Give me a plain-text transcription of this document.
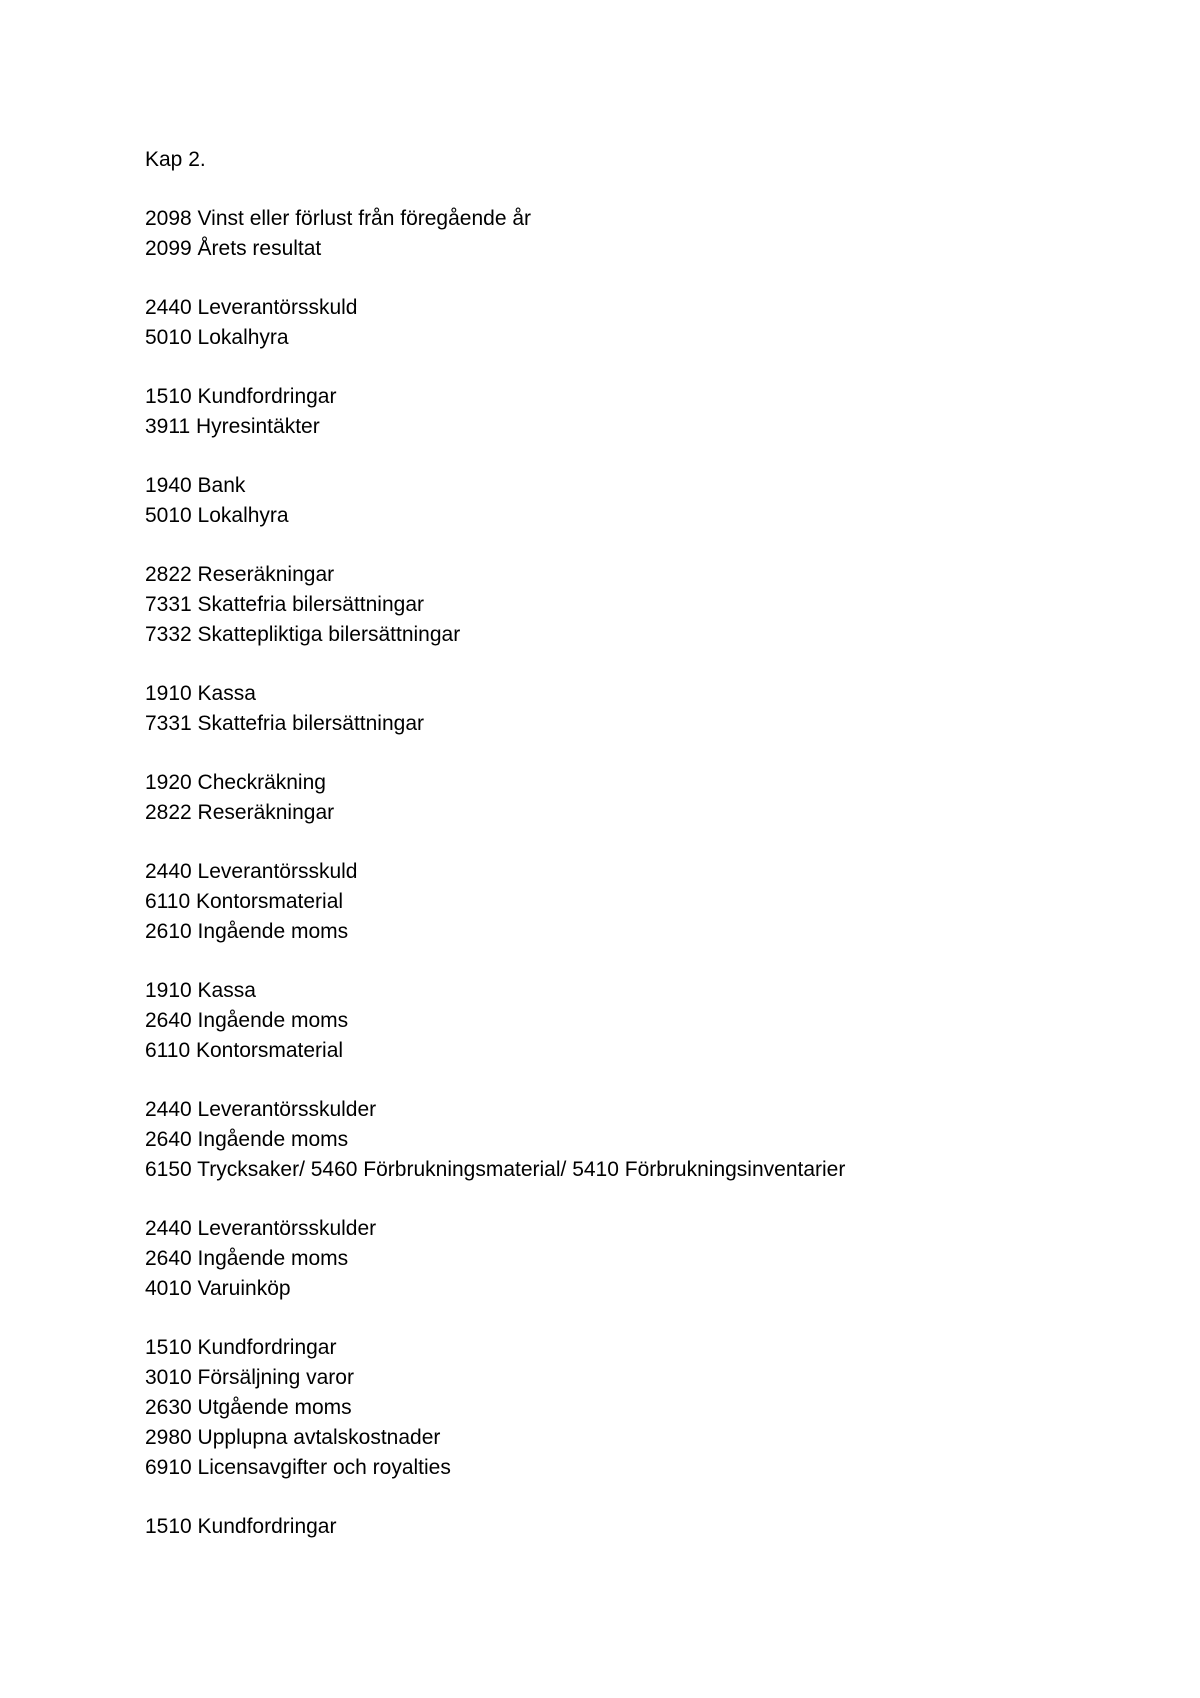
Kap 2.
2098 Vinst eller förlust från föregående år
2099 Årets resultat
2440 Leverantörsskuld
5010 Lokalhyra
1510 Kundfordringar
3911 Hyresintäkter
1940 Bank
5010 Lokalhyra
2822 Reseräkningar
7331 Skattefria bilersättningar
7332 Skattepliktiga bilersättningar
1910 Kassa
7331 Skattefria bilersättningar
1920 Checkräkning
2822 Reseräkningar
2440 Leverantörsskuld
6110 Kontorsmaterial
2610 Ingående moms
1910 Kassa
2640 Ingående moms
6110 Kontorsmaterial
2440 Leverantörsskulder
2640 Ingående moms
6150 Trycksaker/ 5460 Förbrukningsmaterial/ 5410 Förbrukningsinventarier
2440 Leverantörsskulder
2640 Ingående moms
4010 Varuinköp
1510 Kundfordringar
3010 Försäljning varor
2630 Utgående moms
2980 Upplupna avtalskostnader
6910 Licensavgifter och royalties
1510 Kundfordringar
